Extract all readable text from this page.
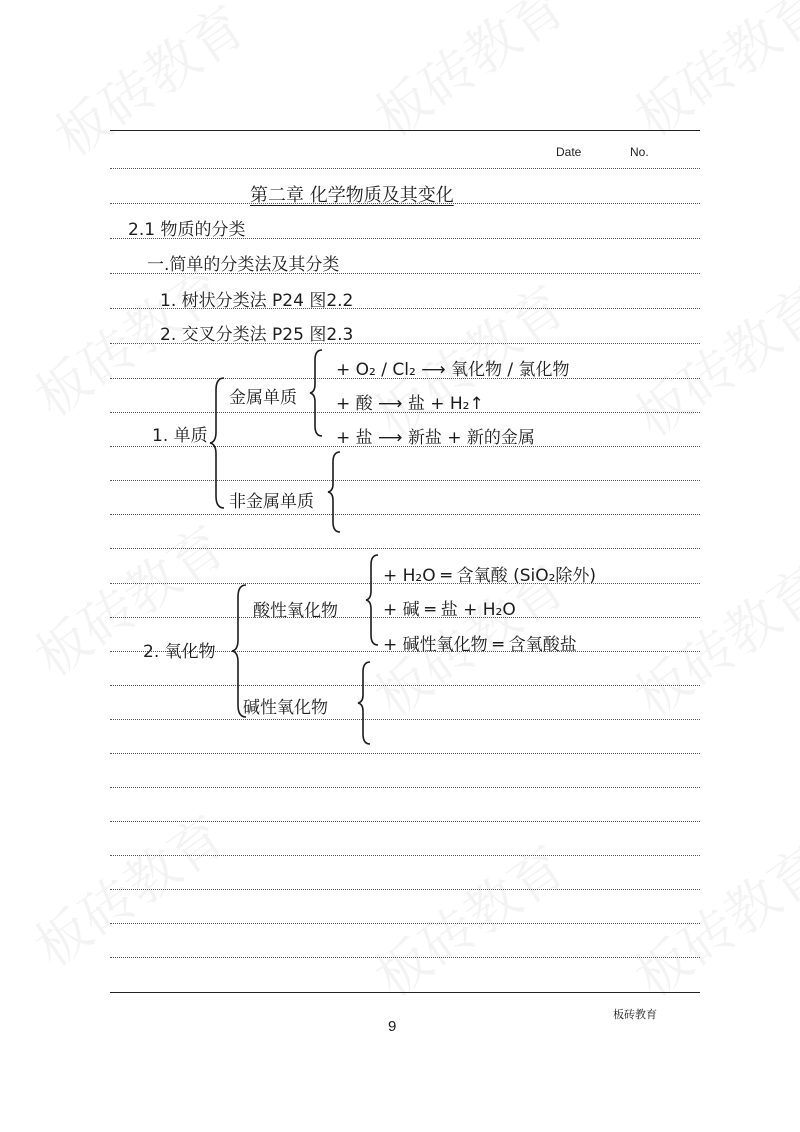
Date	No.
第二章 化学物质及其变化
2.1 物质的分类
一.简单的分类法及其分类
1. 树状分类法 P24 图2.2
2. 交叉分类法 P25 图2.3
1. 单质
金属单质
+ O₂ / Cl₂ ⟶ 氧化物 / 氯化物
+ 酸 ⟶ 盐 + H₂↑
+ 盐 ⟶ 新盐 + 新的金属
非金属单质
2. 氧化物
酸性氧化物
+ H₂O ═ 含氧酸 (SiO₂除外)
+ 碱 ═ 盐 + H₂O
+ 碱性氧化物 ═ 含氧酸盐
碱性氧化物
板砖教育
9
